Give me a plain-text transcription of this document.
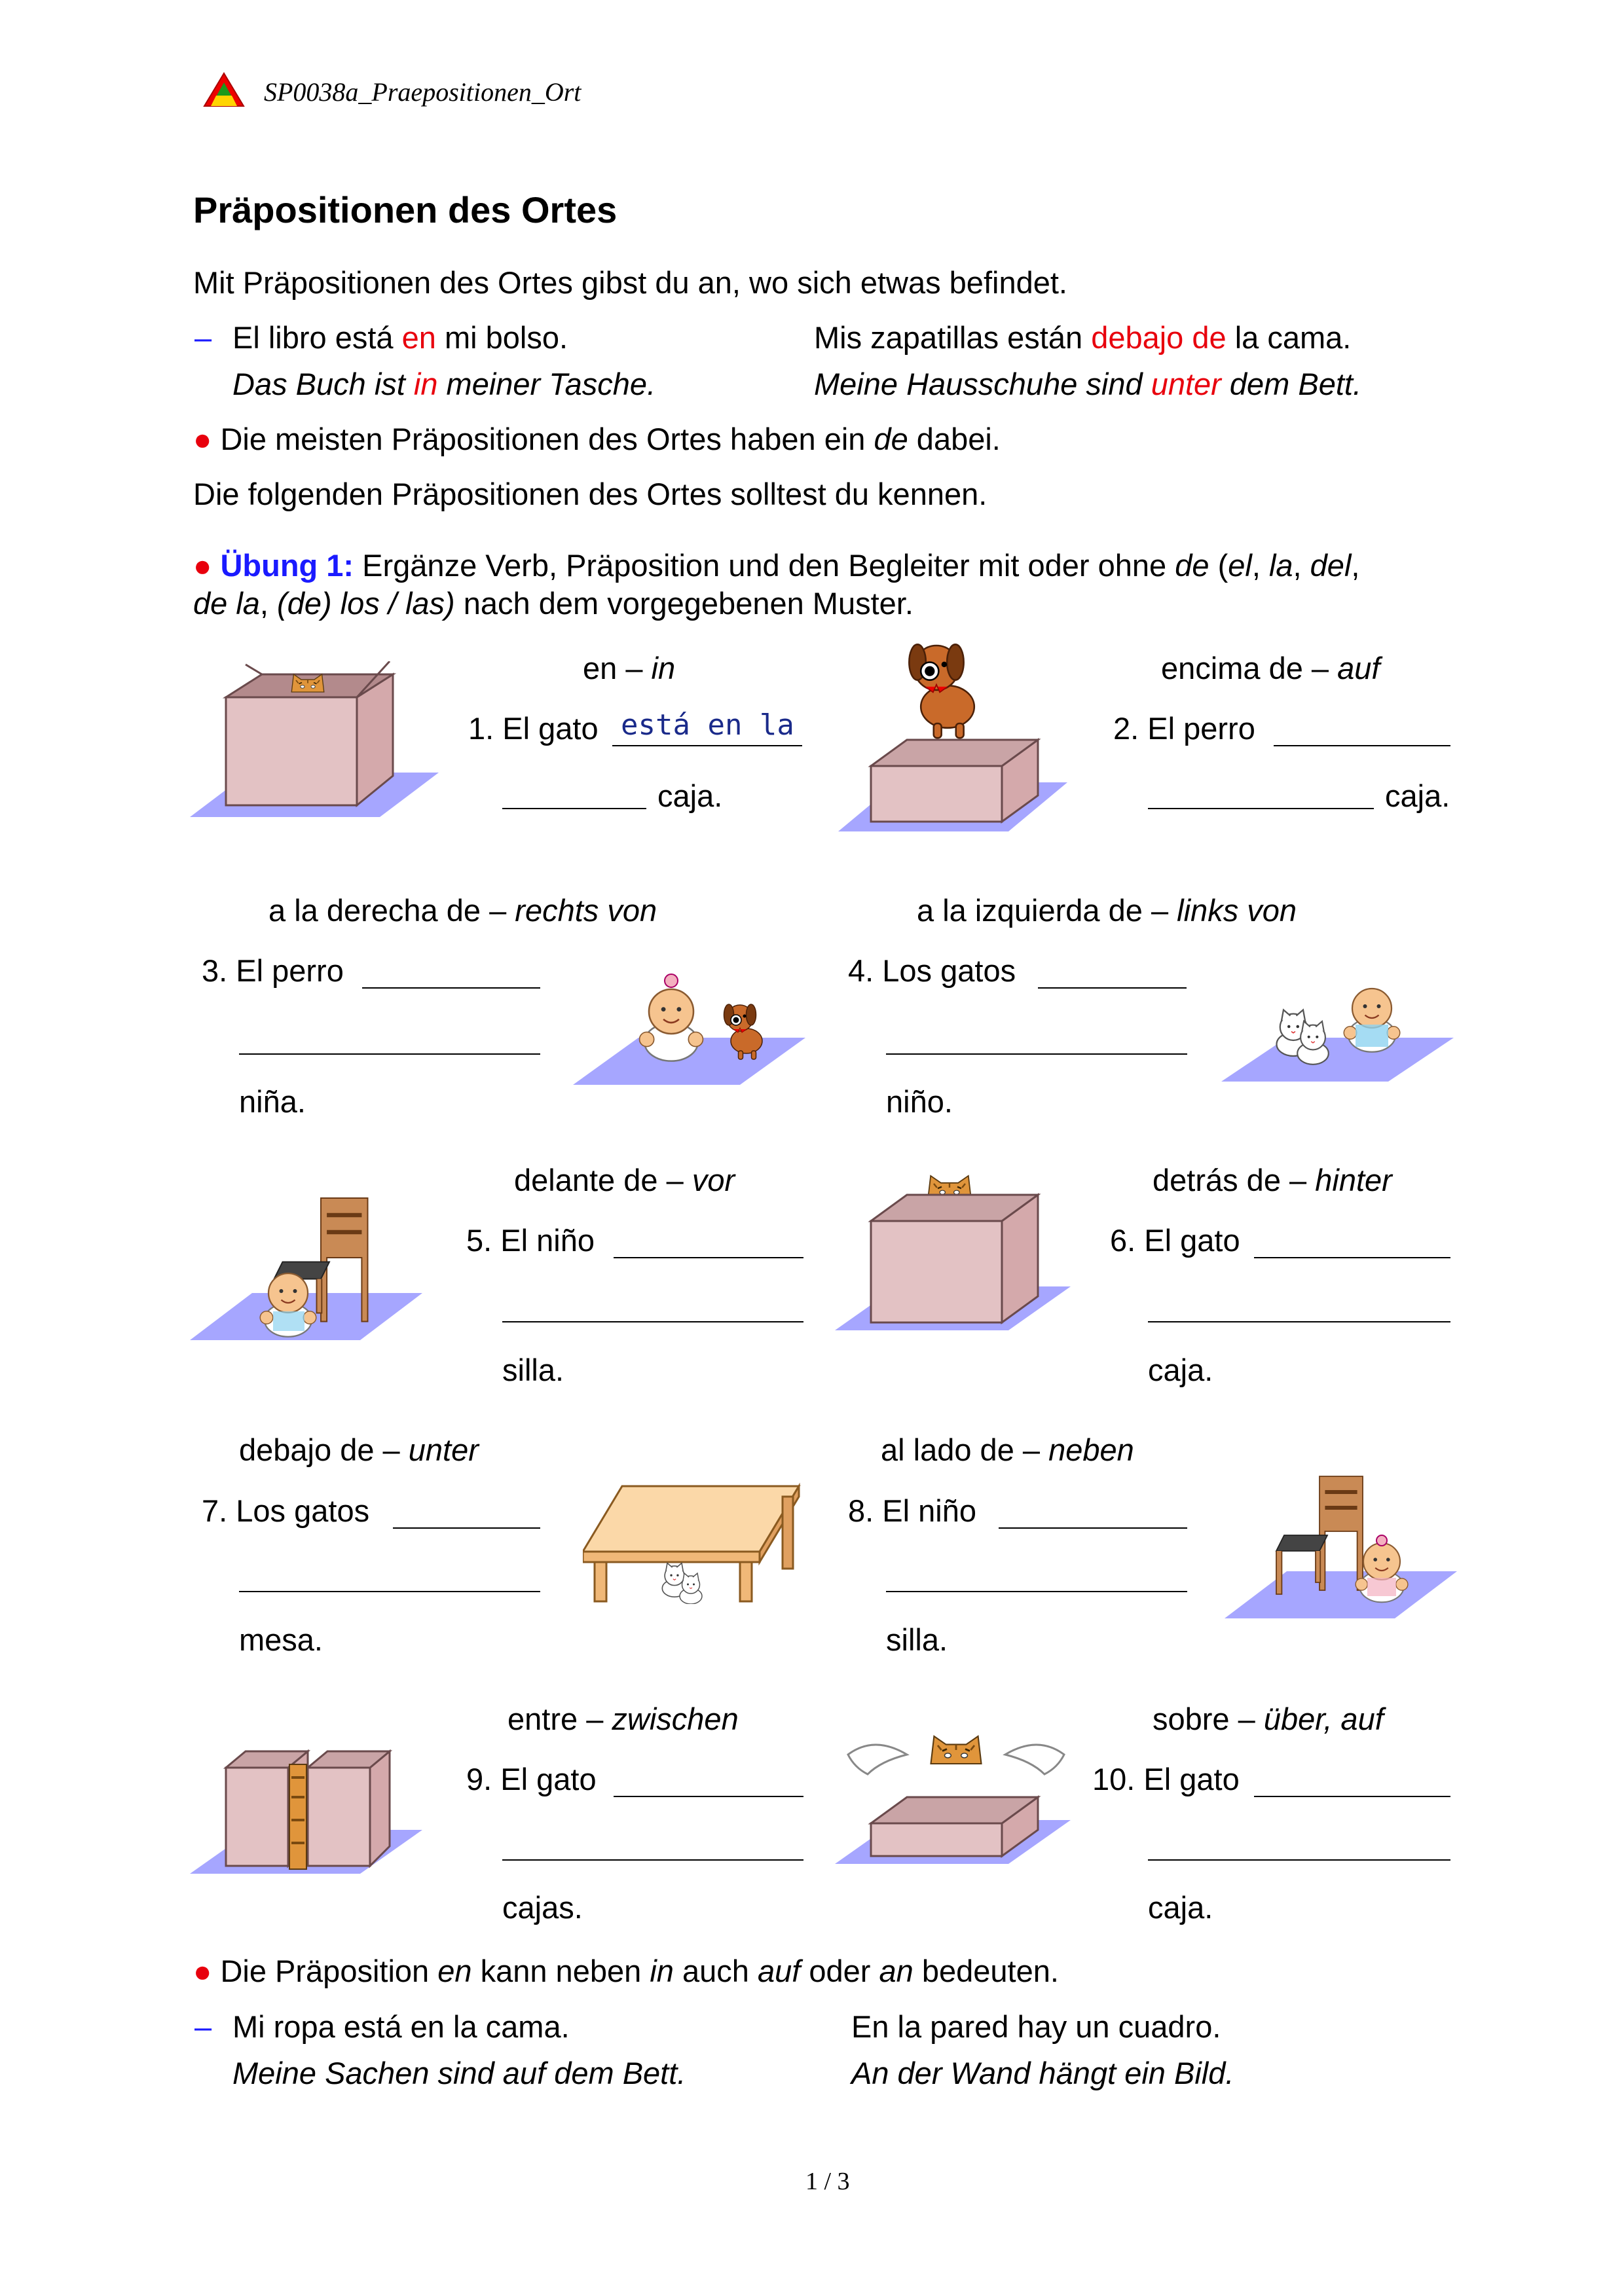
SP0038a_Praepositionen_Ort
Präpositionen des Ortes
Mit Präpositionen des Ortes gibst du an, wo sich etwas befindet.
– El libro está en mi bolso.
Das Buch ist in meiner Tasche.
Mis zapatillas están debajo de la cama.
Meine Hausschuhe sind unter dem Bett.
● Die meisten Präpositionen des Ortes haben ein de dabei.
Die folgenden Präpositionen des Ortes solltest du kennen.
● Übung 1: Ergänze Verb, Präposition und den Begleiter mit oder ohne de (el, la, del,
de la, (de) los / las) nach dem vorgegebenen Muster.
en – in
1. El gato está en la
caja.
encima de – auf
2. El perro
caja.
a la derecha de – rechts von
3. El perro
niña.
a la izquierda de – links von
4. Los gatos
niño.
delante de – vor
5. El niño
silla.
detrás de – hinter
6. El gato
caja.
debajo de – unter
7. Los gatos
mesa.
al lado de – neben
8. El niño
silla.
entre – zwischen
9. El gato
cajas.
sobre – über, auf
10. El gato
caja.
● Die Präposition en kann neben in auch auf oder an bedeuten.
– Mi ropa está en la cama.
Meine Sachen sind auf dem Bett.
En la pared hay un cuadro.
An der Wand hängt ein Bild.
1 / 3
